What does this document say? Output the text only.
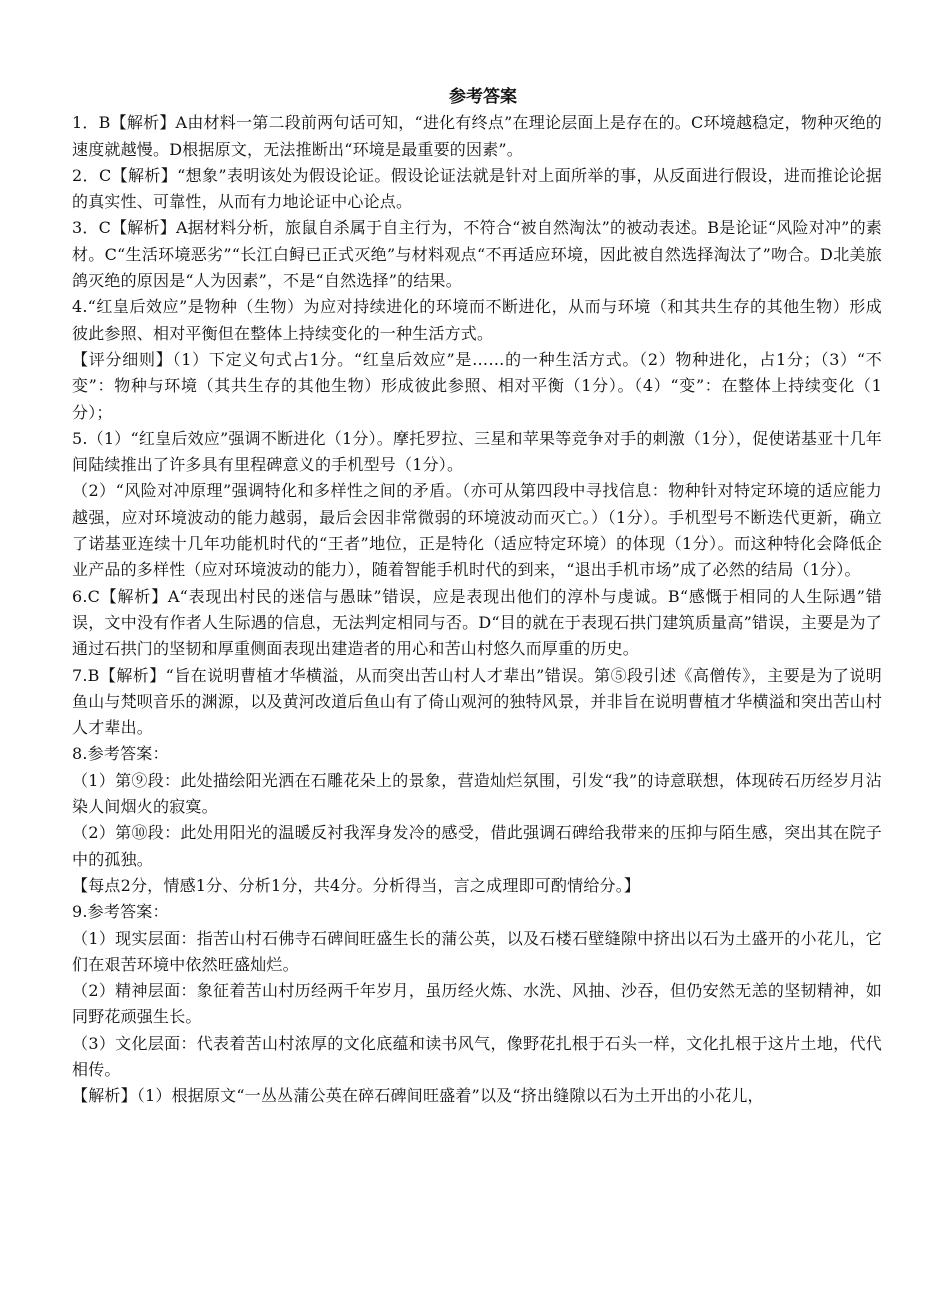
参考答案

1．B【解析】A由材料一第二段前两句话可知，“进化有终点”在理论层面上是存在的。C环境越稳定，物种灭绝的速度就越慢。D根据原文，无法推断出“环境是最重要的因素”。

2．C【解析】“想象”表明该处为假设论证。假设论证法就是针对上面所举的事，从反面进行假设，进而推论论据的真实性、可靠性，从而有力地论证中心论点。

3．C【解析】A据材料分析，旅鼠自杀属于自主行为，不符合“被自然淘汰”的被动表述。B是论证“风险对冲”的素材。C“生活环境恶劣”“长江白鲟已正式灭绝”与材料观点“不再适应环境，因此被自然选择淘汰了”吻合。D北美旅鸽灭绝的原因是“人为因素”，不是“自然选择”的结果。

4.“红皇后效应”是物种（生物）为应对持续进化的环境而不断进化，从而与环境（和其共生存的其他生物）形成彼此参照、相对平衡但在整体上持续变化的一种生活方式。

【评分细则】（1）下定义句式占1分。“红皇后效应”是……的一种生活方式。（2）物种进化，占1分；（3）“不变”：物种与环境（其共生存的其他生物）形成彼此参照、相对平衡（1分）。（4）“变”：在整体上持续变化（1分）；

5.（1）“红皇后效应”强调不断进化（1分）。摩托罗拉、三星和苹果等竞争对手的刺激（1分），促使诺基亚十几年间陆续推出了许多具有里程碑意义的手机型号（1分）。

（2）“风险对冲原理”强调特化和多样性之间的矛盾。（亦可从第四段中寻找信息：物种针对特定环境的适应能力越强，应对环境波动的能力越弱，最后会因非常微弱的环境波动而灭亡。）（1分）。手机型号不断迭代更新，确立了诺基亚连续十几年功能机时代的“王者”地位，正是特化（适应特定环境）的体现（1分）。而这种特化会降低企业产品的多样性（应对环境波动的能力），随着智能手机时代的到来，“退出手机市场”成了必然的结局（1分）。

6.C【解析】A“表现出村民的迷信与愚昧”错误，应是表现出他们的淳朴与虔诚。B“感慨于相同的人生际遇”错误，文中没有作者人生际遇的信息，无法判定相同与否。D“目的就在于表现石拱门建筑质量高”错误，主要是为了通过石拱门的坚韧和厚重侧面表现出建造者的用心和苦山村悠久而厚重的历史。

7.B【解析】“旨在说明曹植才华横溢，从而突出苦山村人才辈出”错误。第⑤段引述《高僧传》，主要是为了说明鱼山与梵呗音乐的渊源，以及黄河改道后鱼山有了倚山观河的独特风景，并非旨在说明曹植才华横溢和突出苦山村人才辈出。

8.参考答案：

（1）第⑨段：此处描绘阳光洒在石雕花朵上的景象，营造灿烂氛围，引发“我”的诗意联想，体现砖石历经岁月沾染人间烟火的寂寞。

（2）第⑩段：此处用阳光的温暖反衬我浑身发冷的感受，借此强调石碑给我带来的压抑与陌生感，突出其在院子中的孤独。

【每点2分，情感1分、分析1分，共4分。分析得当，言之成理即可酌情给分。】

9.参考答案：

（1）现实层面：指苦山村石佛寺石碑间旺盛生长的蒲公英，以及石楼石壁缝隙中挤出以石为土盛开的小花儿，它们在艰苦环境中依然旺盛灿烂。

（2）精神层面：象征着苦山村历经两千年岁月，虽历经火炼、水洗、风抽、沙吞，但仍安然无恙的坚韧精神，如同野花顽强生长。

（3）文化层面：代表着苦山村浓厚的文化底蕴和读书风气，像野花扎根于石头一样，文化扎根于这片土地，代代相传。

【解析】（1）根据原文“一丛丛蒲公英在碎石碑间旺盛着”以及“挤出缝隙以石为土开出的小花儿，
